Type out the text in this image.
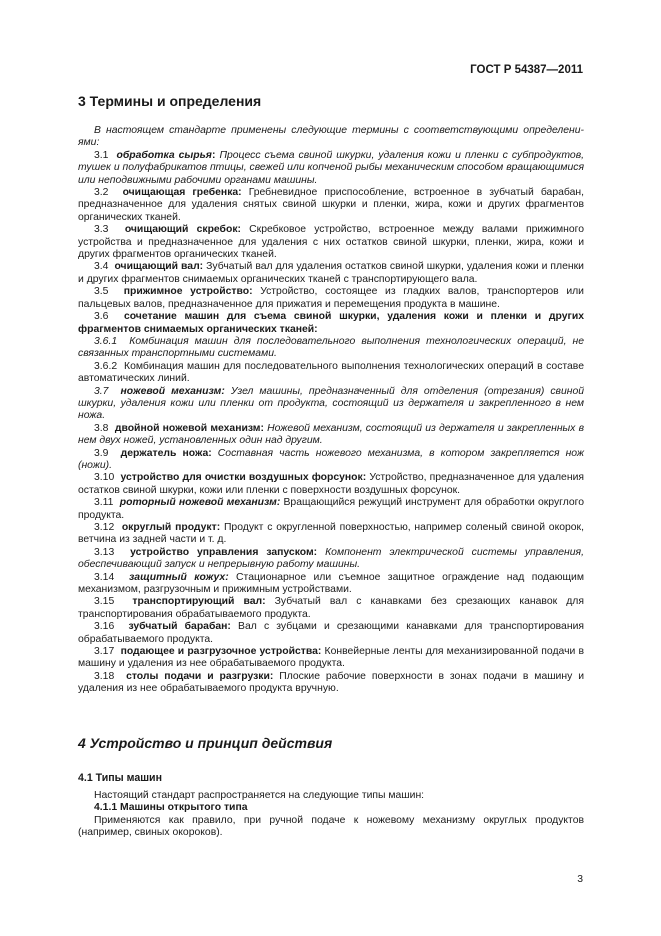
ГОСТ Р 54387—2011
3 Термины и определения

В настоящем стандарте применены следующие термины с соответствующими определени-ями:

3.1 обработка сырья: Процесс съема свиной шкурки, удаления кожи и пленки с субпродуктов, тушек и полуфабрикатов птицы, свежей или копченой рыбы механическим способом вращающимися или неподвижными рабочими органами машины.

3.2 очищающая гребенка: Гребневидное приспособление, встроенное в зубчатый барабан, предназначенное для удаления снятых свиной шкурки и пленки, жира, кожи и других фрагментов органических тканей.

3.3 очищающий скребок: Скребковое устройство, встроенное между валами прижимного устройства и предназначенное для удаления с них остатков свиной шкурки, пленки, жира, кожи и других фрагментов органических тканей.

3.4 очищающий вал: Зубчатый вал для удаления остатков свиной шкурки, удаления кожи и пленки и других фрагментов снимаемых органических тканей с транспортирующего вала.

3.5 прижимное устройство: Устройство, состоящее из гладких валов, транспортеров или пальцевых валов, предназначенное для прижатия и перемещения продукта в машине.

3.6 сочетание машин для съема свиной шкурки, удаления кожи и пленки и других фрагментов снимаемых органических тканей:

3.6.1 Комбинация машин для последовательного выполнения технологических операций, не связанных транспортными системами.

3.6.2 Комбинация машин для последовательного выполнения технологических операций в составе автоматических линий.

3.7 ножевой механизм: Узел машины, предназначенный для отделения (отрезания) свиной шкурки, удаления кожи или пленки от продукта, состоящий из держателя и закрепленного в нем ножа.

3.8 двойной ножевой механизм: Ножевой механизм, состоящий из держателя и закрепленных в нем двух ножей, установленных один над другим.

3.9 держатель ножа: Составная часть ножевого механизма, в котором закрепляется нож (ножи).

3.10 устройство для очистки воздушных форсунок: Устройство, предназначенное для удаления остатков свиной шкурки, кожи или пленки с поверхности воздушных форсунок.

3.11 роторный ножевой механизм: Вращающийся режущий инструмент для обработки округлого продукта.

3.12 округлый продукт: Продукт с округленной поверхностью, например соленый свиной окорок, ветчина из задней части и т. д.

3.13 устройство управления запуском: Компонент электрической системы управления, обеспечивающий запуск и непрерывную работу машины.

3.14 защитный кожух: Стационарное или съемное защитное ограждение над подающим механизмом, разгрузочным и прижимным устройствами.

3.15 транспортирующий вал: Зубчатый вал с канавками без срезающих канавок для транспортирования обрабатываемого продукта.

3.16 зубчатый барабан: Вал с зубцами и срезающими канавками для транспортирования обрабатываемого продукта.

3.17 подающее и разгрузочное устройства: Конвейерные ленты для механизированной подачи в машину и удаления из нее обрабатываемого продукта.

3.18 столы подачи и разгрузки: Плоские рабочие поверхности в зонах подачи в машину и удаления из нее обрабатываемого продукта вручную.

4 Устройство и принцип действия
4.1 Типы машин

Настоящий стандарт распространяется на следующие типы машин:

4.1.1 Машины открытого типа

Применяются как правило, при ручной подаче к ножевому механизму округлых продуктов (например, свиных окороков).

3
